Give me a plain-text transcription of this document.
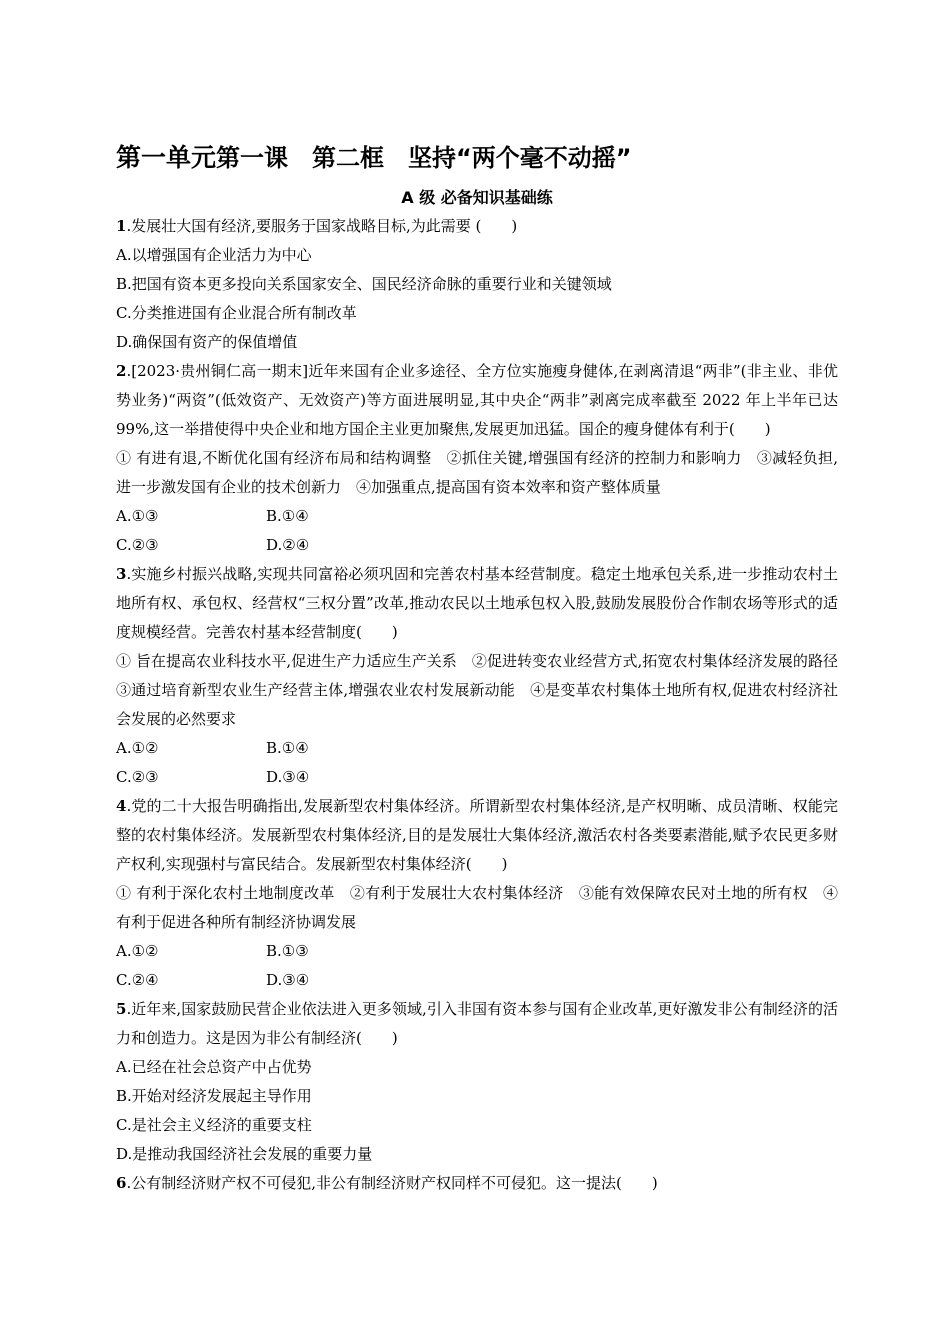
第一单元第一课　 第二框　 坚持“两个毫不动摇”
A 级 必备知识基础练
1.发展壮大国有经济,要服务于国家战略目标,为此需要 (　　)
A.以增强国有企业活力为中心
B.把国有资本更多投向关系国家安全、国民经济命脉的重要行业和关键领域
C.分类推进国有企业混合所有制改革
D.确保国有资产的保值增值
2.[2023·贵州铜仁高一期末]近年来国有企业多途径、全方位实施瘦身健体,在剥离清退“两非”(非主业、非优势业务)“两资”(低效资产、无效资产)等方面进展明显,其中央企“两非”剥离完成率截至 2022 年上半年已达 99%,这一举措使得中央企业和地方国企主业更加聚焦,发展更加迅猛。国企的瘦身健体有利于(　　)
① 有进有退,不断优化国有经济布局和结构调整　②抓住关键,增强国有经济的控制力和影响力　③减轻负担,进一步激发国有企业的技术创新力　④加强重点,提高国有资本效率和资产整体质量
A.①③	B.①④
C.②③	D.②④
3.实施乡村振兴战略,实现共同富裕必须巩固和完善农村基本经营制度。稳定土地承包关系,进一步推动农村土地所有权、承包权、经营权“三权分置”改革,推动农民以土地承包权入股,鼓励发展股份合作制农场等形式的适度规模经营。完善农村基本经营制度(　　)
① 旨在提高农业科技水平,促进生产力适应生产关系　②促进转变农业经营方式,拓宽农村集体经济发展的路径　③通过培育新型农业生产经营主体,增强农业农村发展新动能　④是变革农村集体土地所有权,促进农村经济社会发展的必然要求
A.①②	B.①④
C.②③	D.③④
4.党的二十大报告明确指出,发展新型农村集体经济。所谓新型农村集体经济,是产权明晰、成员清晰、权能完整的农村集体经济。发展新型农村集体经济,目的是发展壮大集体经济,激活农村各类要素潜能,赋予农民更多财产权利,实现强村与富民结合。发展新型农村集体经济(　　)
① 有利于深化农村土地制度改革　②有利于发展壮大农村集体经济　③能有效保障农民对土地的所有权　④有利于促进各种所有制经济协调发展
A.①②	B.①③
C.②④	D.③④
5.近年来,国家鼓励民营企业依法进入更多领域,引入非国有资本参与国有企业改革,更好激发非公有制经济的活力和创造力。这是因为非公有制经济(　　)
A.已经在社会总资产中占优势
B.开始对经济发展起主导作用
C.是社会主义经济的重要支柱
D.是推动我国经济社会发展的重要力量
6.公有制经济财产权不可侵犯,非公有制经济财产权同样不可侵犯。这一提法(　　)
